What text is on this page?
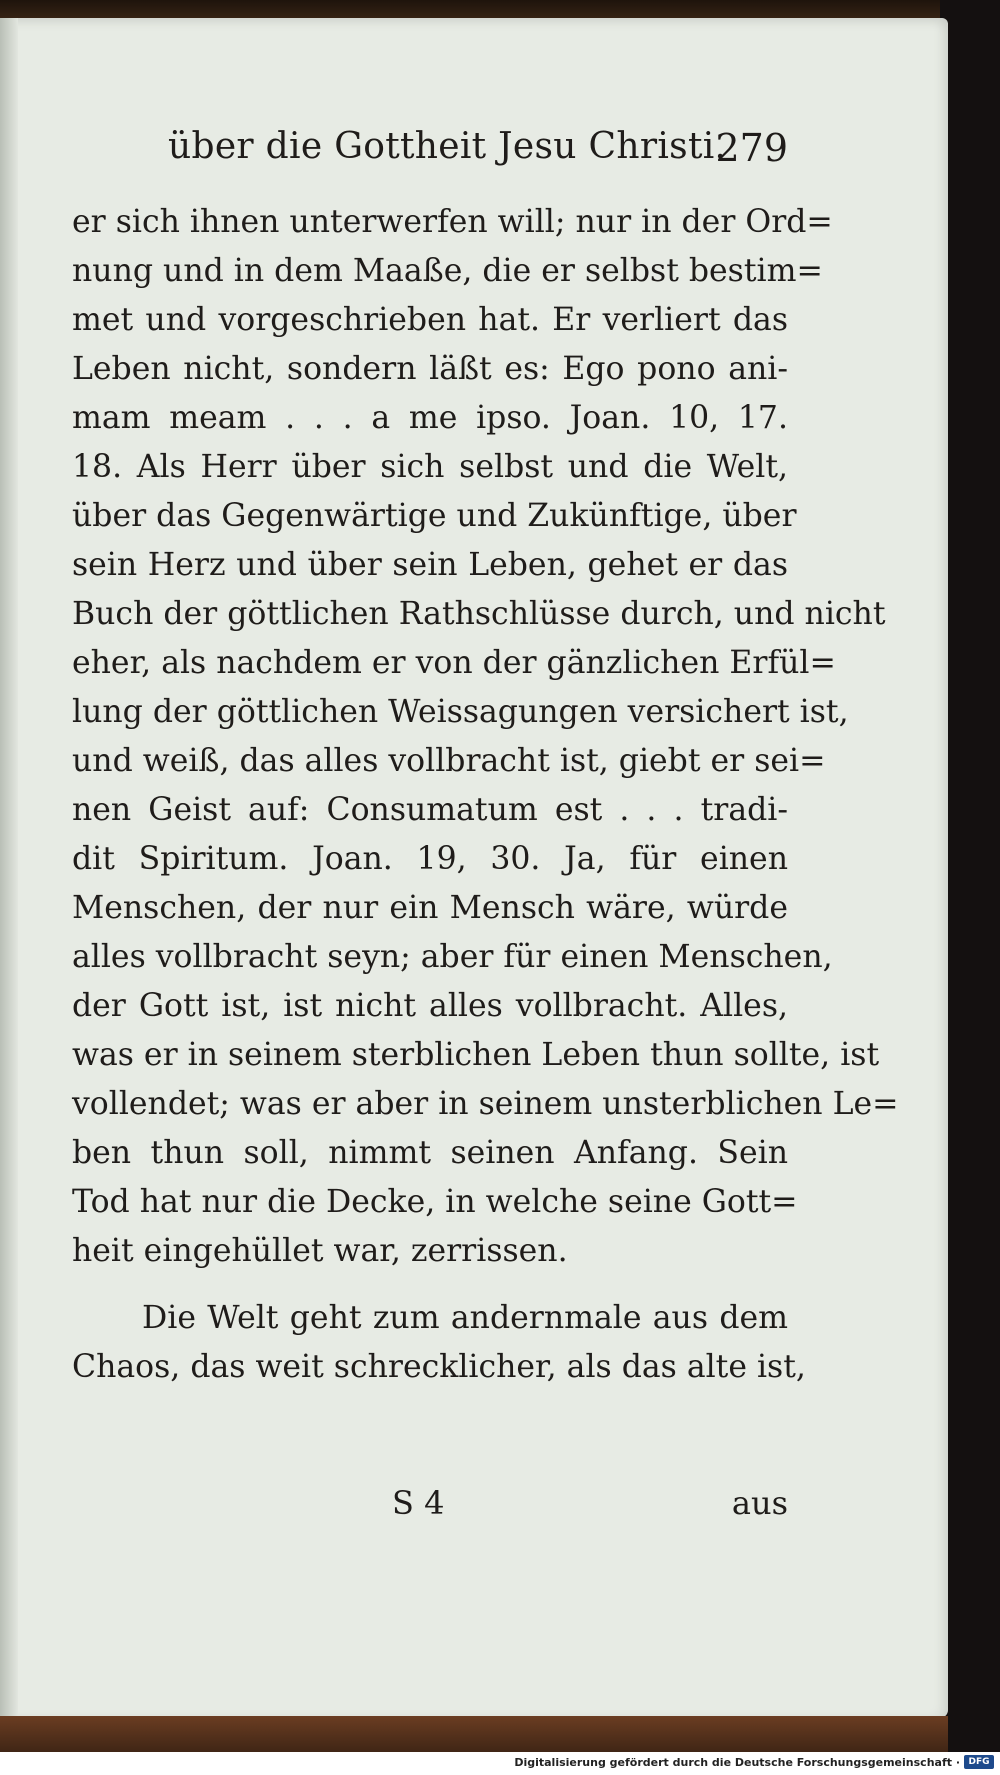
über die Gottheit Jesu Christi.
279
er sich ihnen unterwerfen will; nur in der Ord=
nung und in dem Maaße, die er selbst bestim=
met und vorgeschrieben hat. Er verliert das
Leben nicht, sondern läßt es: Ego pono ani-
mam meam . . . a me ipso. Joan. 10, 17.
18. Als Herr über sich selbst und die Welt,
über das Gegenwärtige und Zukünftige, über
sein Herz und über sein Leben, gehet er das
Buch der göttlichen Rathschlüsse durch, und nicht
eher, als nachdem er von der gänzlichen Erfül=
lung der göttlichen Weissagungen versichert ist,
und weiß, das alles vollbracht ist, giebt er sei=
nen Geist auf: Consumatum est . . . tradi-
dit Spiritum. Joan. 19, 30. Ja, für einen
Menschen, der nur ein Mensch wäre, würde
alles vollbracht seyn; aber für einen Menschen,
der Gott ist, ist nicht alles vollbracht. Alles,
was er in seinem sterblichen Leben thun sollte, ist
vollendet; was er aber in seinem unsterblichen Le=
ben thun soll, nimmt seinen Anfang. Sein
Tod hat nur die Decke, in welche seine Gott=
heit eingehüllet war, zerrissen.
Die Welt geht zum andernmale aus dem
Chaos, das weit schrecklicher, als das alte ist,
S 4	aus
Digitalisierung gefördert durch die Deutsche Forschungsgemeinschaft · DFG
